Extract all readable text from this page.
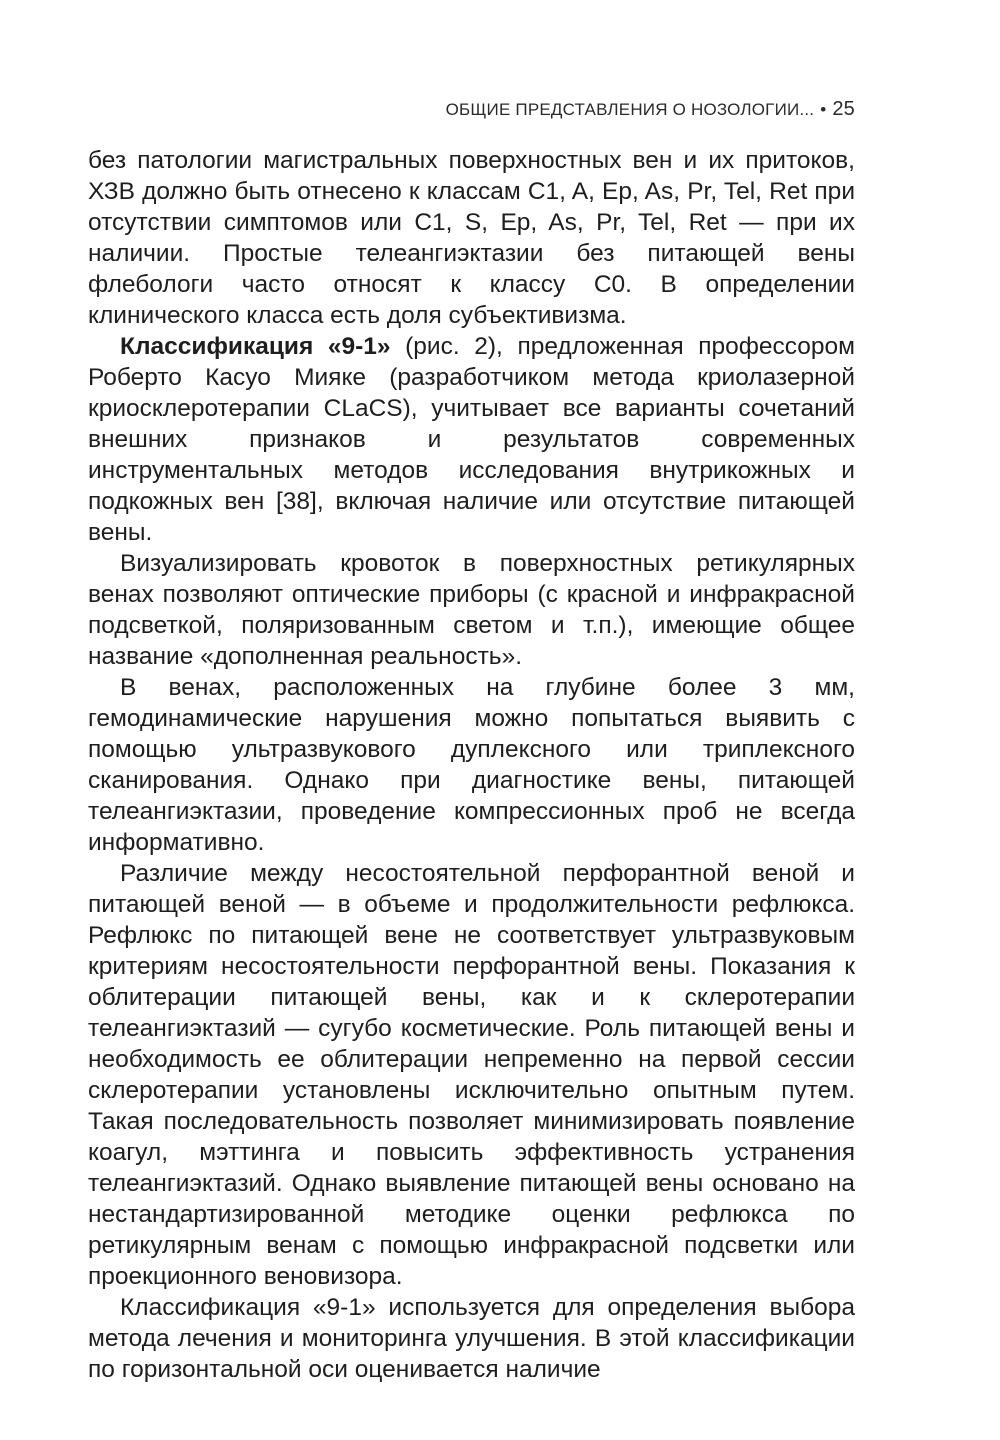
ОБЩИЕ ПРЕДСТАВЛЕНИЯ О НОЗОЛОГИИ... • 25

без патологии магистральных поверхностных вен и их притоков, ХЗВ должно быть отнесено к классам C1, A, Ep, As, Pr, Tel, Ret при отсутствии симптомов или C1, S, Ep, As, Pr, Tel, Ret — при их наличии. Простые телеангиэктазии без питающей вены флебологи часто относят к классу C0. В определении клинического класса есть доля субъективизма.

Классификация «9-1» (рис. 2), предложенная профессором Роберто Касуо Мияке (разработчиком метода криолазерной криосклеротерапии CLaCS), учитывает все варианты сочетаний внешних признаков и результатов современных инструментальных методов исследования внутрикожных и подкожных вен [38], включая наличие или отсутствие питающей вены.

Визуализировать кровоток в поверхностных ретикулярных венах позволяют оптические приборы (с красной и инфракрасной подсветкой, поляризованным светом и т.п.), имеющие общее название «дополненная реальность».

В венах, расположенных на глубине более 3 мм, гемодинамические нарушения можно попытаться выявить с помощью ультразвукового дуплексного или триплексного сканирования. Однако при диагностике вены, питающей телеангиэктазии, проведение компрессионных проб не всегда информативно.

Различие между несостоятельной перфорантной веной и питающей веной — в объеме и продолжительности рефлюкса. Рефлюкс по питающей вене не соответствует ультразвуковым критериям несостоятельности перфорантной вены. Показания к облитерации питающей вены, как и к склеротерапии телеангиэктазий — сугубо косметические. Роль питающей вены и необходимость ее облитерации непременно на первой сессии склеротерапии установлены исключительно опытным путем. Такая последовательность позволяет минимизировать появление коагул, мэттинга и повысить эффективность устранения телеангиэктазий. Однако выявление питающей вены основано на нестандартизированной методике оценки рефлюкса по ретикулярным венам с помощью инфракрасной подсветки или проекционного веновизора.

Классификация «9-1» используется для определения выбора метода лечения и мониторинга улучшения. В этой классификации по горизонтальной оси оценивается наличие
